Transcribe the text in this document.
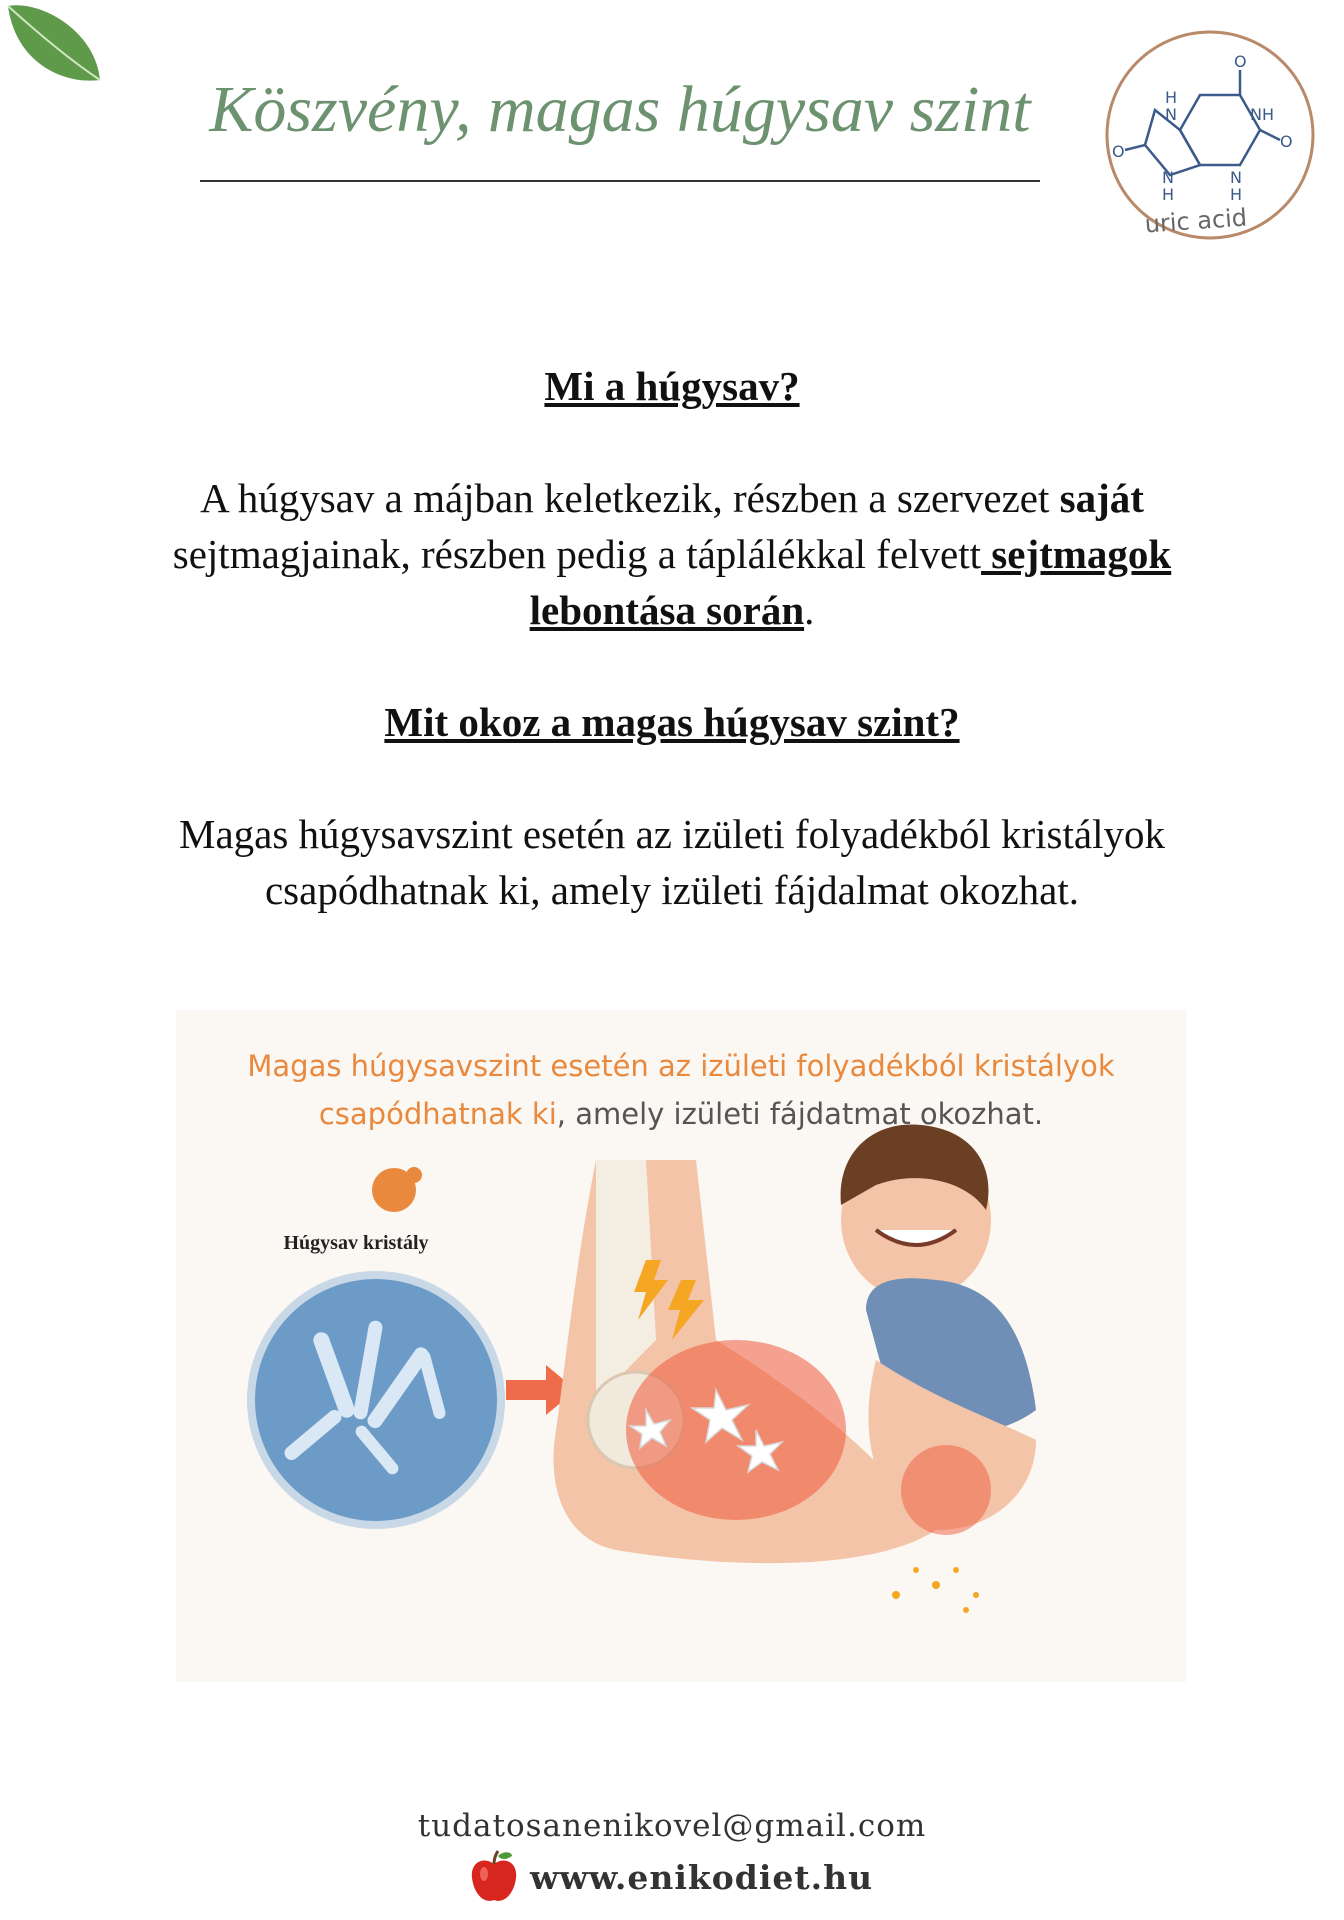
Köszvény, magas húgysav szint
O
O
O
NH
H
N
N
H
N
H
uric acid
Mi a húgysav?

A húgysav a májban keletkezik, részben a szervezet saját sejtmagjainak, részben pedig a táplálékkal felvett sejtmagok lebontása során.

Mit okoz a magas húgysav szint?

Magas húgysavszint esetén az izületi folyadékból kristályok csapódhatnak ki, amely izületi fájdalmat okozhat.

Magas húgysavszint esetén az izületi folyadékból kristályok csapódhatnak ki, amely izületi fájdatmat okozhat.
Húgysav kristály
tudatosanenikovel@gmail.com
www.enikodiet.hu
